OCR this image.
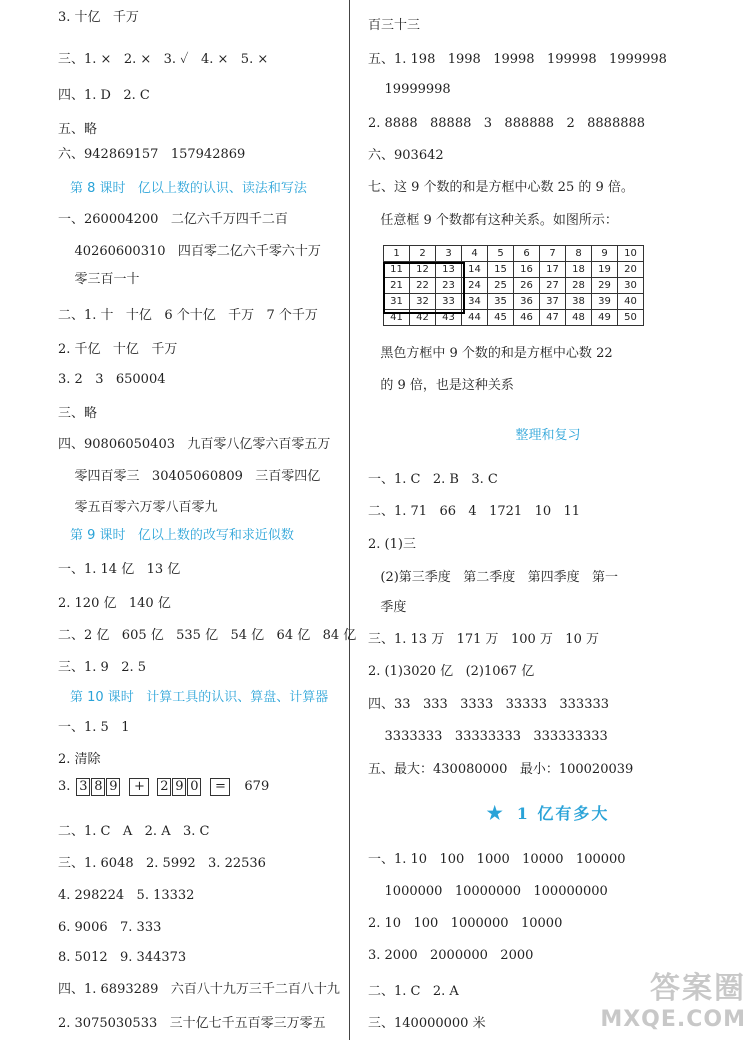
3. 十亿   千万
三、1. ×   2. ×   3. ✓   4. ×   5. ×
四、1. D   2. C
五、略
六、942869157   157942869
第 8 课时   亿以上数的认识、读法和写法
一、260004200   二亿六千万四千二百
40260600310   四百零二亿六千零六十万
零三百一十
二、1. 十   十亿   6 个十亿   千万   7 个千万
2. 千亿   十亿   千万
3. 2   3   650004
三、略
四、90806050403   九百零八亿零六百零五万
零四百零三   30405060809   三百零四亿
零五百零六万零八百零九
第 9 课时   亿以上数的改写和求近似数
一、1. 14 亿   13 亿
2. 120 亿   140 亿
二、2 亿   605 亿   535 亿   54 亿   64 亿   84 亿
三、1. 9   2. 5
第 10 课时   计算工具的认识、算盘、计算器
一、1. 5   1
2. 清除
3. 3 8 9 + 2 9 0 = 679
二、1. C   A   2. A   3. C
三、1. 6048   2. 5992   3. 22536
4. 298224   5. 13332
6. 9006   7. 333
8. 5012   9. 344373
四、1. 6893289   六百八十九万三千二百八十九
2. 3075030533   三十亿七千五百零三万零五
百三十三
五、1. 198   1998   19998   199998   1999998
19999998
2. 8888   88888   3   888888   2   8888888
六、903642
七、这 9 个数的和是方框中心数 25 的 9 倍。
任意框 9 个数都有这种关系。如图所示：
1	2	3	4	5	6	7	8	9	10
11	12	13	14	15	16	17	18	19	20
21	22	23	24	25	26	27	28	29	30
31	32	33	34	35	36	37	38	39	40
41	42	43	44	45	46	47	48	49	50
黑色方框中 9 个数的和是方框中心数 22
的 9 倍，也是这种关系
整理和复习
一、1. C   2. B   3. C
二、1. 71   66   4   1721   10   11
2. (1)三
(2)第三季度   第二季度   第四季度   第一
季度
三、1. 13 万   171 万   100 万   10 万
2. (1)3020 亿   (2)1067 亿
四、33   333   3333   33333   333333
3333333   33333333   333333333
五、最大：430080000   最小：100020039
★ 1 亿有多大
一、1. 10   100   1000   10000   100000
1000000   10000000   100000000
2. 10   100   1000000   10000
3. 2000   2000000   2000
二、1. C   2. A
三、140000000 米
答案圈
MXQE.COM
